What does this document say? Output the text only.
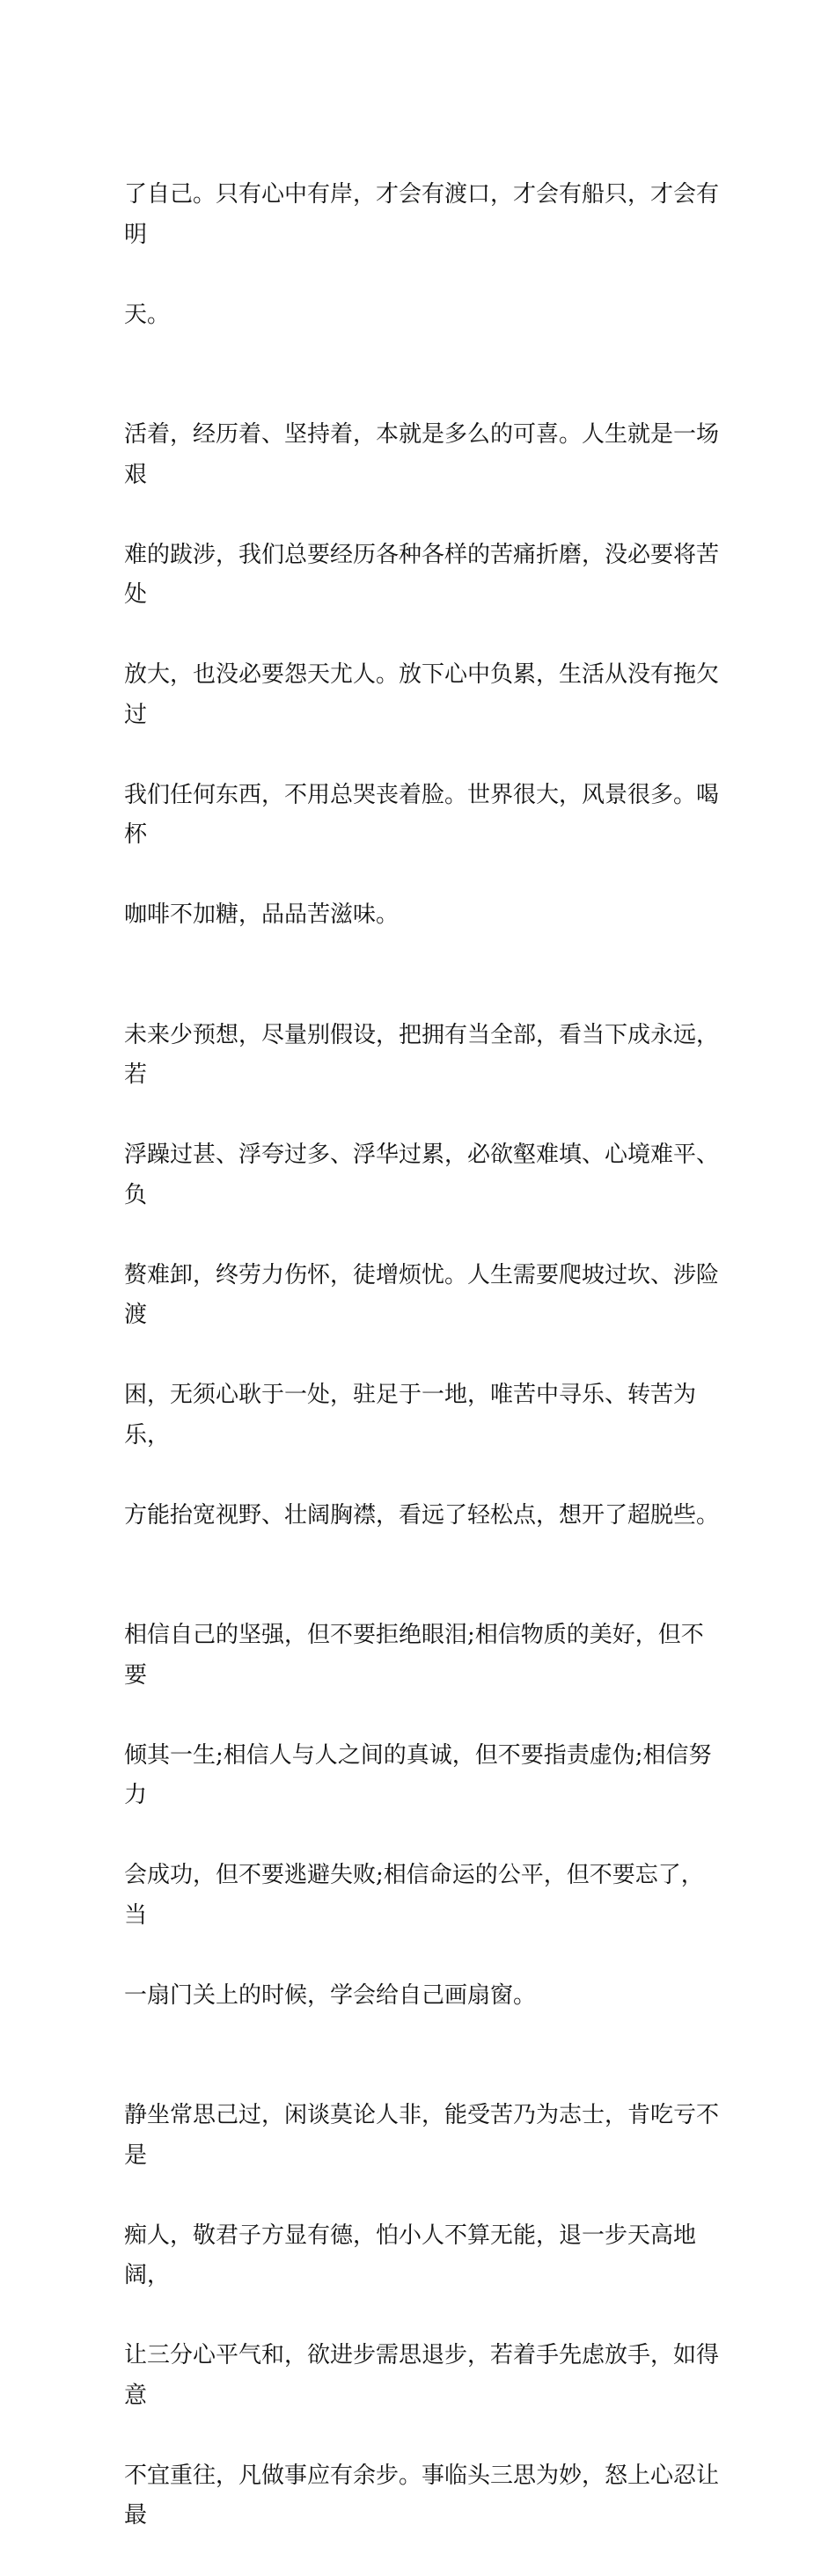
了自己。只有心中有岸，才会有渡口，才会有船只，才会有明

天。

活着，经历着、坚持着，本就是多么的可喜。人生就是一场艰

难的跋涉，我们总要经历各种各样的苦痛折磨，没必要将苦处

放大，也没必要怨天尤人。放下心中负累，生活从没有拖欠过

我们任何东西，不用总哭丧着脸。世界很大，风景很多。喝杯

咖啡不加糖，品品苦滋味。

未来少预想，尽量别假设，把拥有当全部，看当下成永远，若

浮躁过甚、浮夸过多、浮华过累，必欲壑难填、心境难平、负

赘难卸，终劳力伤怀，徒增烦忧。人生需要爬坡过坎、涉险渡

困，无须心耿于一处，驻足于一地，唯苦中寻乐、转苦为乐，

方能抬宽视野、壮阔胸襟，看远了轻松点，想开了超脱些。

相信自己的坚强，但不要拒绝眼泪;相信物质的美好，但不要

倾其一生;相信人与人之间的真诚，但不要指责虚伪;相信努力

会成功，但不要逃避失败;相信命运的公平，但不要忘了，当

一扇门关上的时候，学会给自己画扇窗。

静坐常思己过，闲谈莫论人非，能受苦乃为志士，肯吃亏不是

痴人，敬君子方显有德，怕小人不算无能，退一步天高地阔，

让三分心平气和，欲进步需思退步，若着手先虑放手，如得意

不宜重往，凡做事应有余步。事临头三思为妙，怒上心忍让最
